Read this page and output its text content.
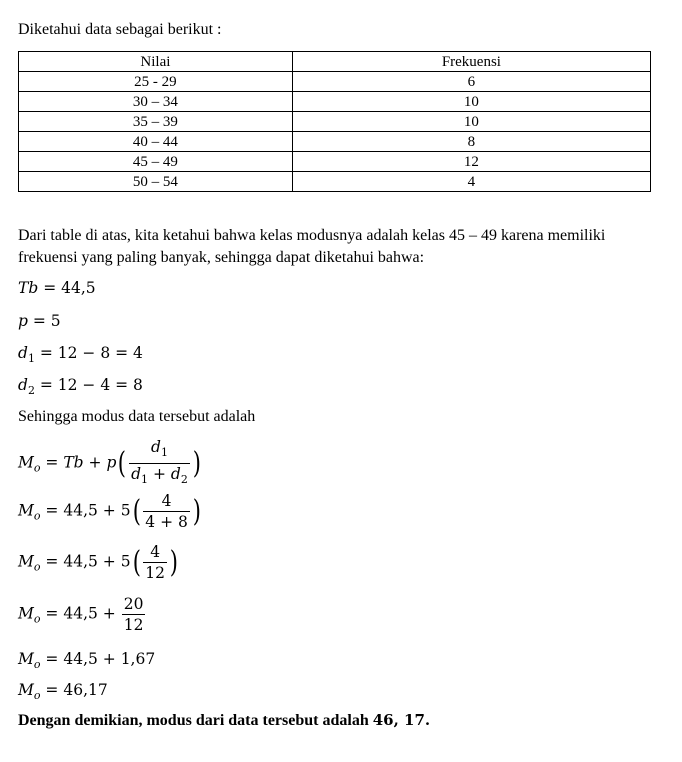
Diketahui data sebagai berikut :
Nilai	Frekuensi
25 - 29	6
30 – 34	10
35 – 39	10
40 – 44	8
45 – 49	12
50 – 54	4
Dari table di atas, kita ketahui bahwa kelas modusnya adalah kelas 45 – 49 karena memiliki frekuensi yang paling banyak, sehingga dapat diketahui bahwa:
Tb = 44,5
p = 5
$d_1 = 12 - 8 = 4$
$d_2 = 12 - 4 = 8$
Sehingga modus data tersebut adalah
$M_o = Tb + p( \frac{d_1}{d_1 + d_2}$ )
$M_o = 44,5 + 5( \frac{4}{4 + 8}$ )
$M_o = 44,5 + 5( \frac{4}{12}$ )
$M_o = 44,5 + \frac{20}{12}$
$M_o = 44,5 + 1,67$
$M_o = 46,17$
Dengan demikian, modus dari data tersebut adalah 46, 17.
